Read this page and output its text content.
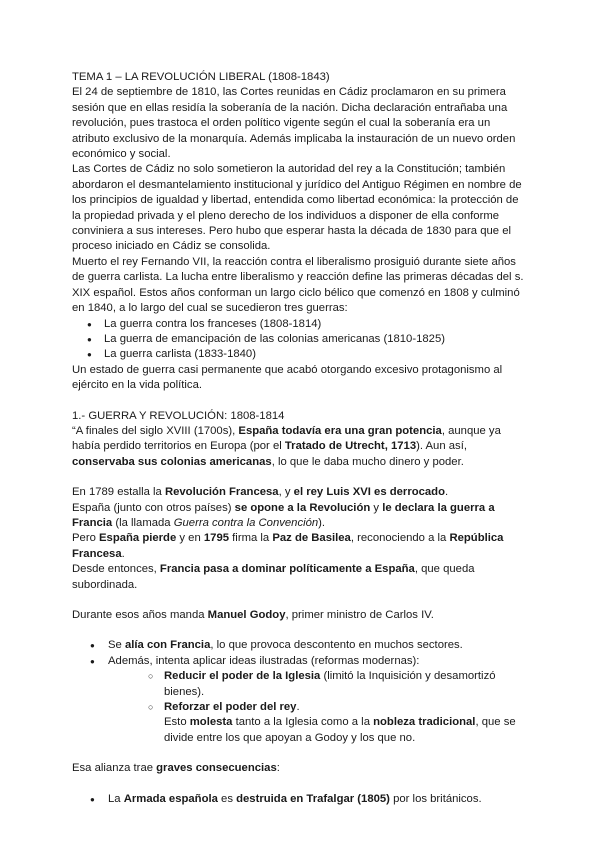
TEMA 1 – LA REVOLUCIÓN LIBERAL (1808-1843)

El 24 de septiembre de 1810, las Cortes reunidas en Cádiz proclamaron en su primera sesión que en ellas residía la soberanía de la nación. Dicha declaración entrañaba una revolución, pues trastoca el orden político vigente según el cual la soberanía era un atributo exclusivo de la monarquía. Además implicaba la instauración de un nuevo orden económico y social.

Las Cortes de Cádiz no solo sometieron la autoridad del rey a la Constitución; también abordaron el desmantelamiento institucional y jurídico del Antiguo Régimen en nombre de los principios de igualdad y libertad, entendida como libertad económica: la protección de la propiedad privada y el pleno derecho de los individuos a disponer de ella conforme conviniera a sus intereses. Pero hubo que esperar hasta la década de 1830 para que el proceso iniciado en Cádiz se consolida.

Muerto el rey Fernando VII, la reacción contra el liberalismo prosiguió durante siete años de guerra carlista. La lucha entre liberalismo y reacción define las primeras décadas del s. XIX español. Estos años conforman un largo ciclo bélico que comenzó en 1808 y culminó en 1840, a lo largo del cual se sucedieron tres guerras:

● La guerra contra los franceses (1808-1814)
● La guerra de emancipación de las colonias americanas (1810-1825)
● La guerra carlista (1833-1840)

Un estado de guerra casi permanente que acabó otorgando excesivo protagonismo al ejército en la vida política.

1.- GUERRA Y REVOLUCIÓN: 1808-1814

“A finales del siglo XVIII (1700s), España todavía era una gran potencia, aunque ya había perdido territorios en Europa (por el Tratado de Utrecht, 1713). Aun así, conservaba sus colonias americanas, lo que le daba mucho dinero y poder.

En 1789 estalla la Revolución Francesa, y el rey Luis XVI es derrocado.

España (junto con otros países) se opone a la Revolución y le declara la guerra a Francia (la llamada Guerra contra la Convención).

Pero España pierde y en 1795 firma la Paz de Basilea, reconociendo a la República Francesa.

Desde entonces, Francia pasa a dominar políticamente a España, que queda subordinada.

Durante esos años manda Manuel Godoy, primer ministro de Carlos IV.

● Se alía con Francia, lo que provoca descontento en muchos sectores.
● Además, intenta aplicar ideas ilustradas (reformas modernas):
○ Reducir el poder de la Iglesia (limitó la Inquisición y desamortizó bienes).
○ Reforzar el poder del rey.
Esto molesta tanto a la Iglesia como a la nobleza tradicional, que se divide entre los que apoyan a Godoy y los que no.

Esa alianza trae graves consecuencias:

● La Armada española es destruida en Trafalgar (1805) por los británicos.
